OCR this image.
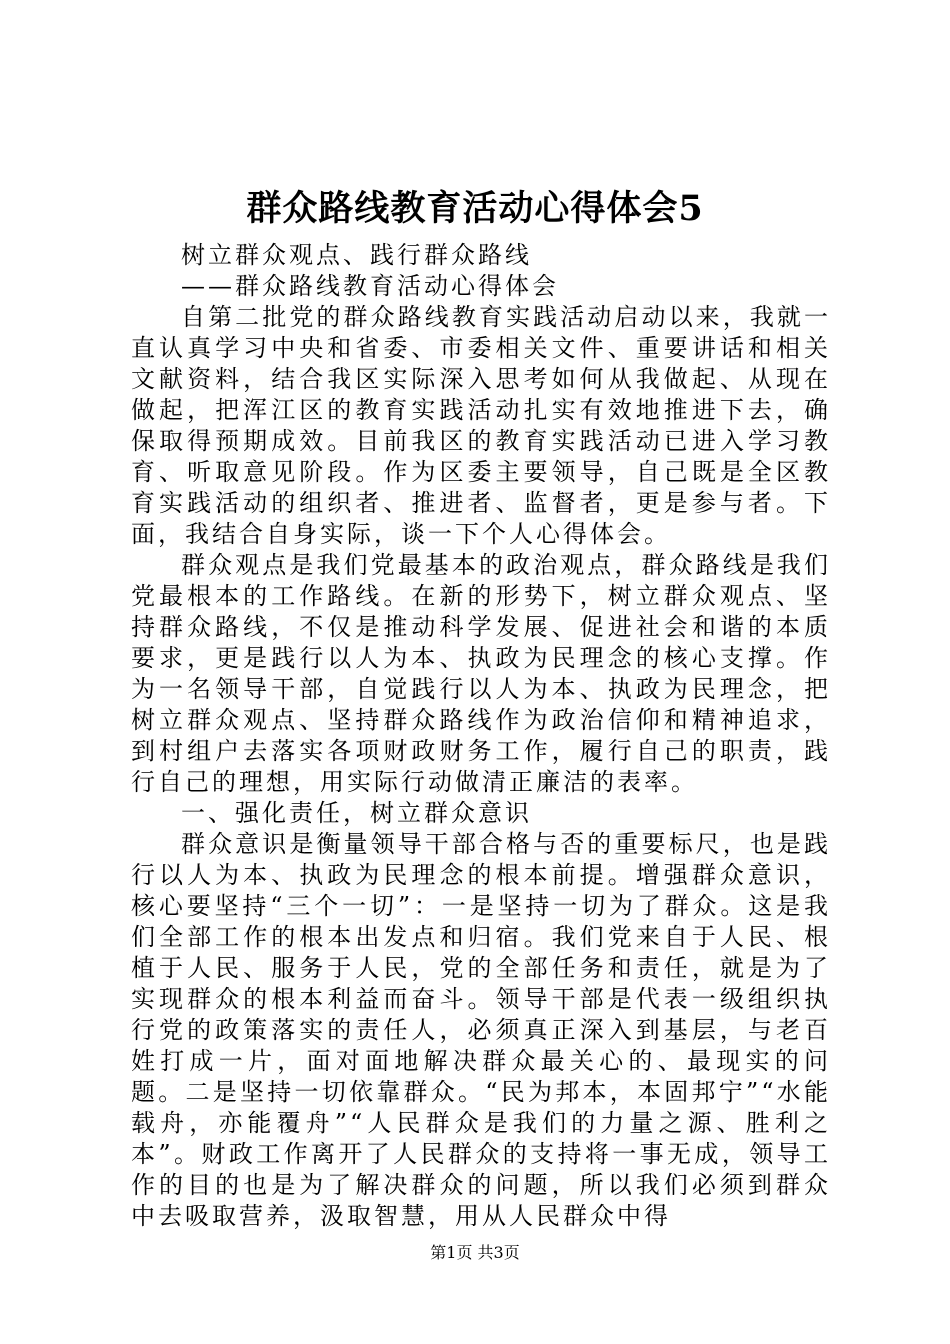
群众路线教育活动心得体会5

树立群众观点、践行群众路线

——群众路线教育活动心得体会

自第二批党的群众路线教育实践活动启动以来，我就一直认真学习中央和省委、市委相关文件、重要讲话和相关文献资料，结合我区实际深入思考如何从我做起、从现在做起，把浑江区的教育实践活动扎实有效地推进下去，确保取得预期成效。目前我区的教育实践活动已进入学习教育、听取意见阶段。作为区委主要领导，自己既是全区教育实践活动的组织者、推进者、监督者，更是参与者。下面，我结合自身实际，谈一下个人心得体会。

群众观点是我们党最基本的政治观点，群众路线是我们党最根本的工作路线。在新的形势下，树立群众观点、坚持群众路线，不仅是推动科学发展、促进社会和谐的本质要求，更是践行以人为本、执政为民理念的核心支撑。作为一名领导干部，自觉践行以人为本、执政为民理念，把树立群众观点、坚持群众路线作为政治信仰和精神追求，到村组户去落实各项财政财务工作，履行自己的职责，践行自己的理想，用实际行动做清正廉洁的表率。

一、强化责任，树立群众意识

群众意识是衡量领导干部合格与否的重要标尺，也是践行以人为本、执政为民理念的根本前提。增强群众意识，核心要坚持“三个一切”：一是坚持一切为了群众。这是我们全部工作的根本出发点和归宿。我们党来自于人民、根植于人民、服务于人民，党的全部任务和责任，就是为了实现群众的根本利益而奋斗。领导干部是代表一级组织执行党的政策落实的责任人，必须真正深入到基层，与老百姓打成一片，面对面地解决群众最关心的、最现实的问题。二是坚持一切依靠群众。“民为邦本，本固邦宁”“水能载舟，亦能覆舟”“人民群众是我们的力量之源、胜利之本”。财政工作离开了人民群众的支持将一事无成，领导工作的目的也是为了解决群众的问题，所以我们必须到群众中去吸取营养，汲取智慧，用从人民群众中得

第1页 共3页
